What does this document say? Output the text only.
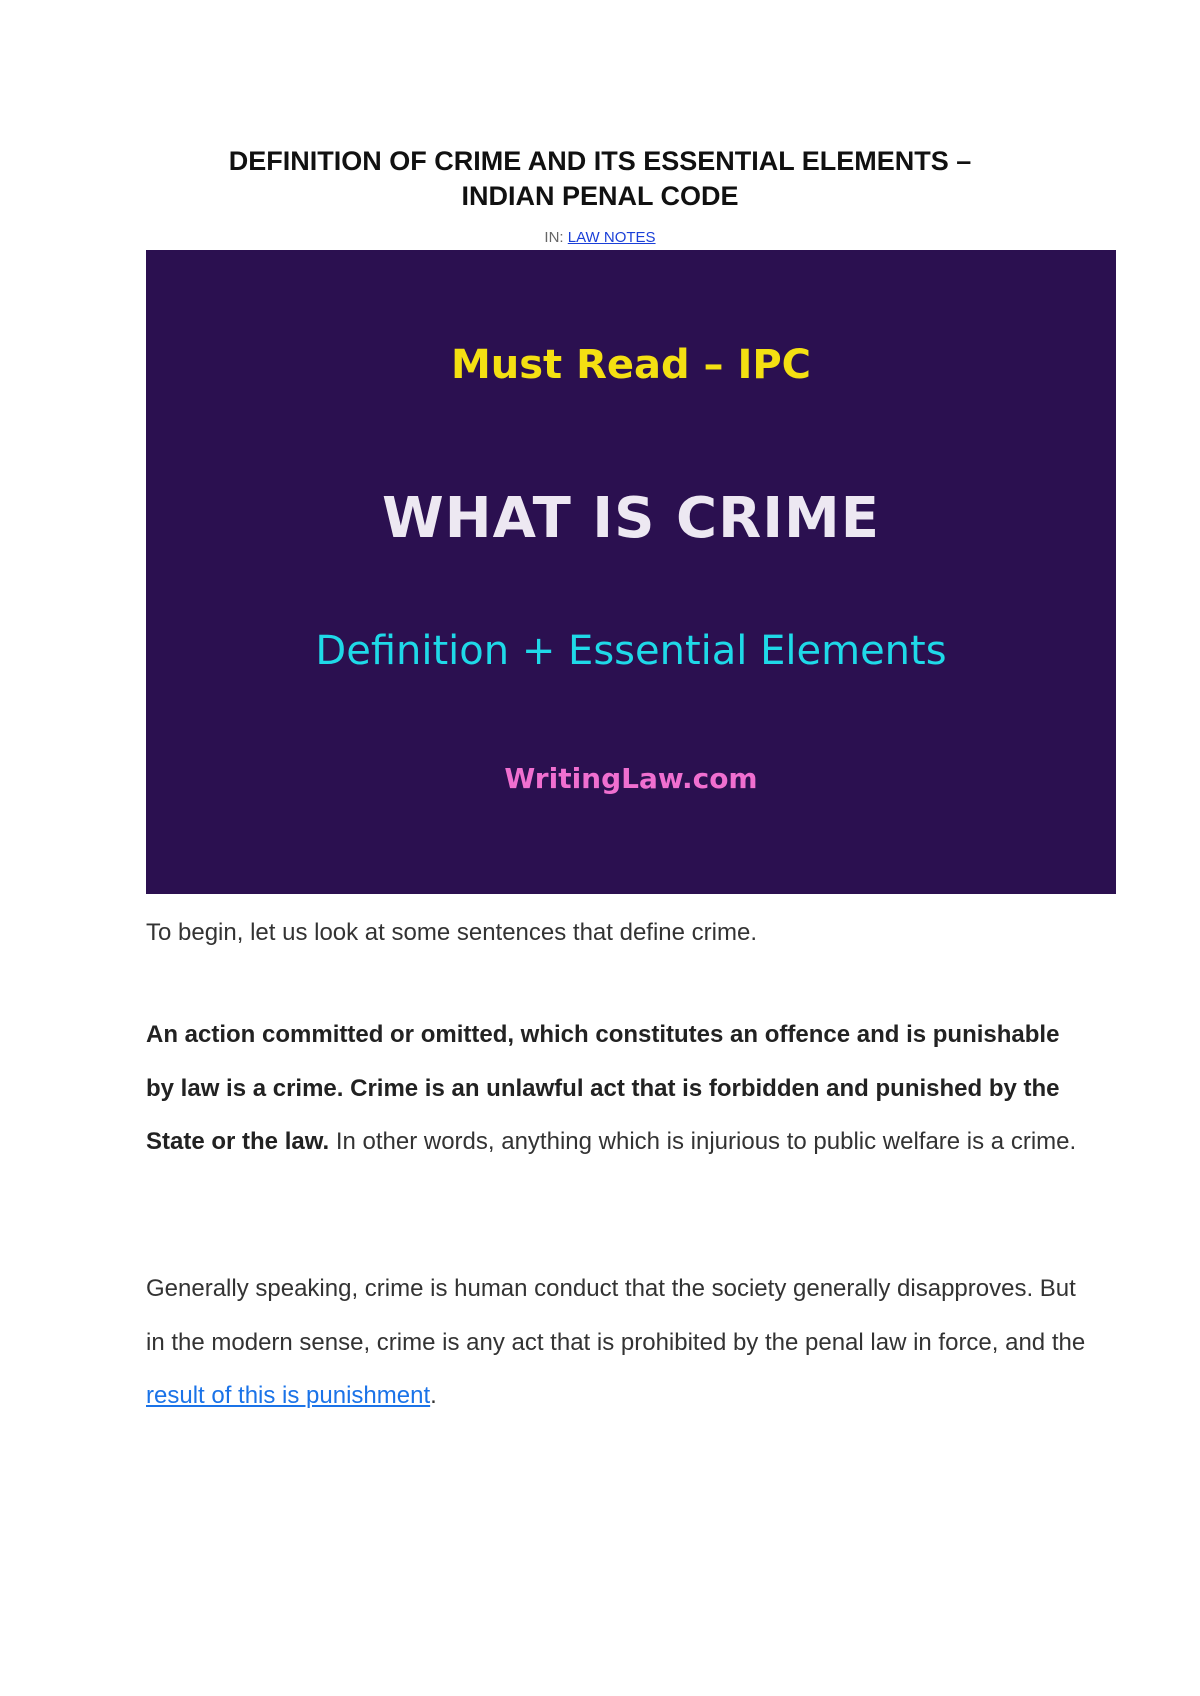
DEFINITION OF CRIME AND ITS ESSENTIAL ELEMENTS –
INDIAN PENAL CODE
IN: LAW NOTES
Must Read – IPC
WHAT IS CRIME
Definition + Essential Elements
WritingLaw.com

To begin, let us look at some sentences that define crime.

An action committed or omitted, which constitutes an offence and is punishable by law is a crime. Crime is an unlawful act that is forbidden and punished by the State or the law. In other words, anything which is injurious to public welfare is a crime.

Generally speaking, crime is human conduct that the society generally disapproves. But in the modern sense, crime is any act that is prohibited by the penal law in force, and the result of this is punishment.
